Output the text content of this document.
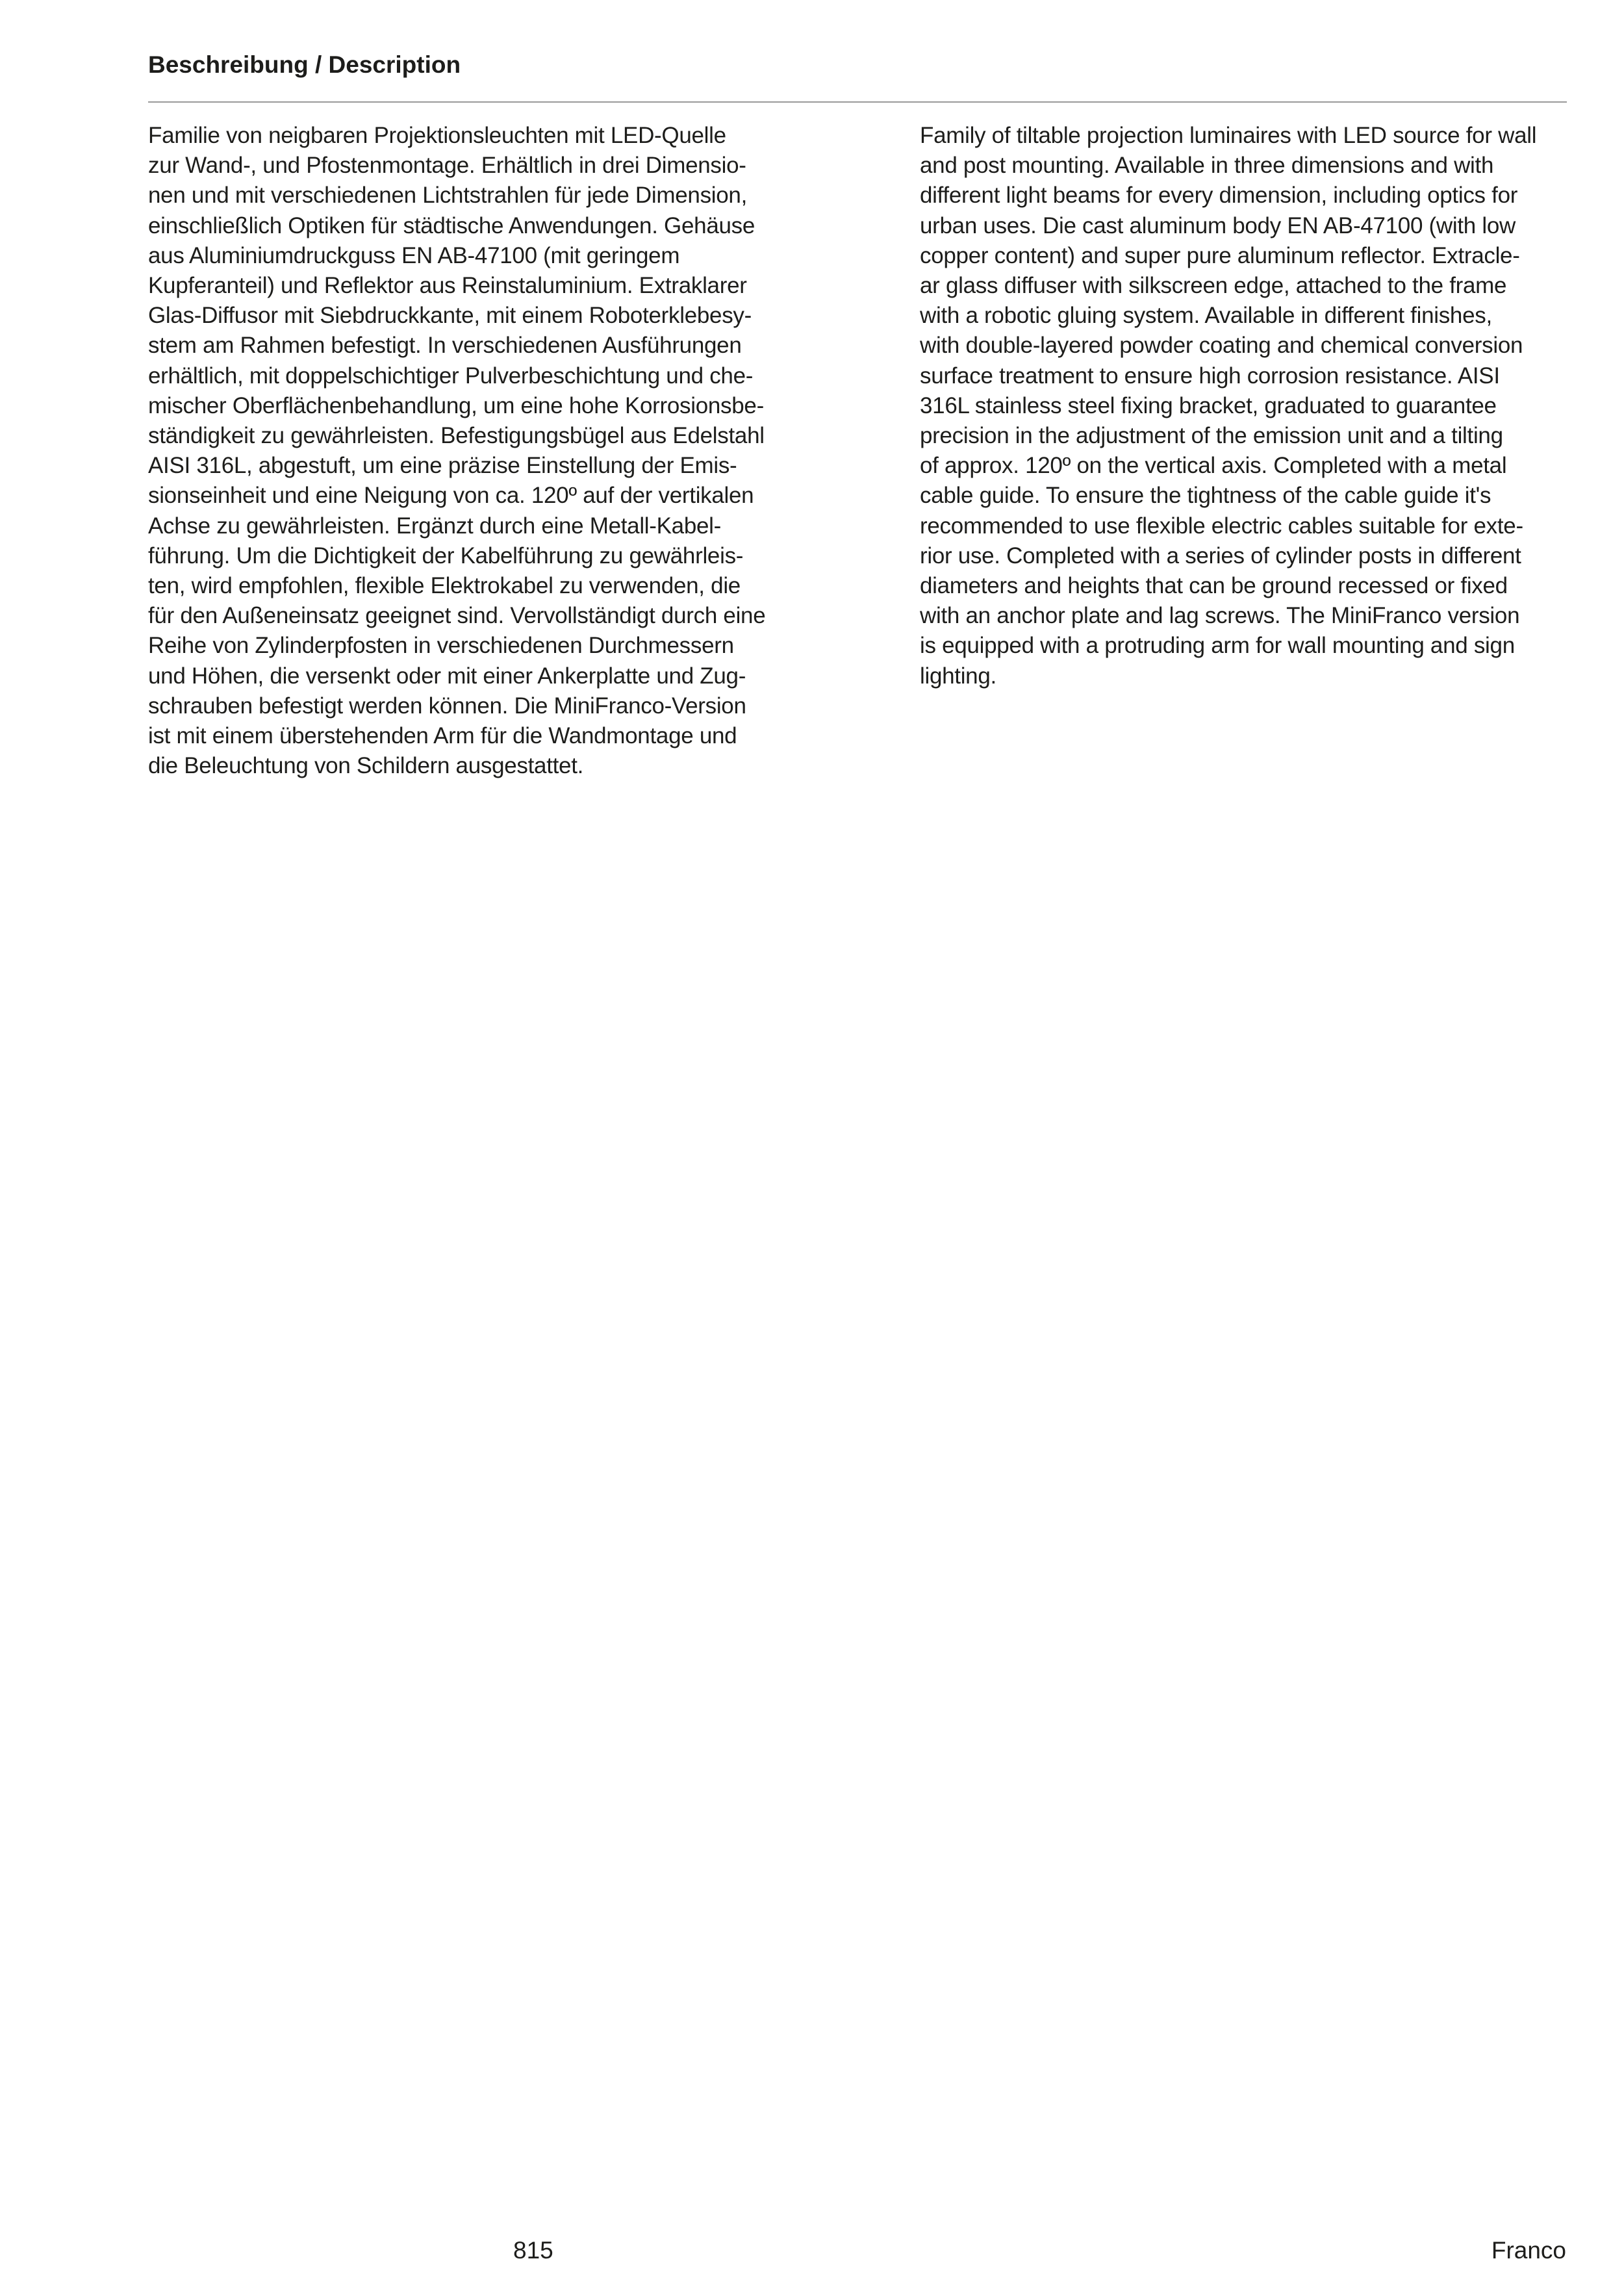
Beschreibung / Description
Familie von neigbaren Projektionsleuchten mit LED-Quelle
zur Wand-, und Pfostenmontage. Erhältlich in drei Dimensio-
nen und mit verschiedenen Lichtstrahlen für jede Dimension,
einschließlich Optiken für städtische Anwendungen. Gehäuse
aus Aluminiumdruckguss EN AB-47100 (mit geringem
Kupferanteil) und Reflektor aus Reinstaluminium. Extraklarer
Glas-Diffusor mit Siebdruckkante, mit einem Roboterklebesy-
stem am Rahmen befestigt. In verschiedenen Ausführungen
erhältlich, mit doppelschichtiger Pulverbeschichtung und che-
mischer Oberflächenbehandlung, um eine hohe Korrosionsbe-
ständigkeit zu gewährleisten. Befestigungsbügel aus Edelstahl
AISI 316L, abgestuft, um eine präzise Einstellung der Emis-
sionseinheit und eine Neigung von ca. 120º auf der vertikalen
Achse zu gewährleisten. Ergänzt durch eine Metall-Kabel-
führung. Um die Dichtigkeit der Kabelführung zu gewährleis-
ten, wird empfohlen, flexible Elektrokabel zu verwenden, die
für den Außeneinsatz geeignet sind. Vervollständigt durch eine
Reihe von Zylinderpfosten in verschiedenen Durchmessern
und Höhen, die versenkt oder mit einer Ankerplatte und Zug-
schrauben befestigt werden können. Die MiniFranco-Version
ist mit einem überstehenden Arm für die Wandmontage und
die Beleuchtung von Schildern ausgestattet.
Family of tiltable projection luminaires with LED source for wall
and post mounting. Available in three dimensions and with
different light beams for every dimension, including optics for
urban uses. Die cast aluminum body EN AB-47100 (with low
copper content) and super pure aluminum reflector. Extracle-
ar glass diffuser with silkscreen edge, attached to the frame
with a robotic gluing system. Available in different finishes,
with double-layered powder coating and chemical conversion
surface treatment to ensure high corrosion resistance. AISI
316L stainless steel fixing bracket, graduated to guarantee
precision in the adjustment of the emission unit and a tilting
of approx. 120º on the vertical axis. Completed with a metal
cable guide. To ensure the tightness of the cable guide it's
recommended to use flexible electric cables suitable for exte-
rior use. Completed with a series of cylinder posts in different
diameters and heights that can be ground recessed or fixed
with an anchor plate and lag screws. The MiniFranco version
is equipped with a protruding arm for wall mounting and sign
lighting.
815	Franco
